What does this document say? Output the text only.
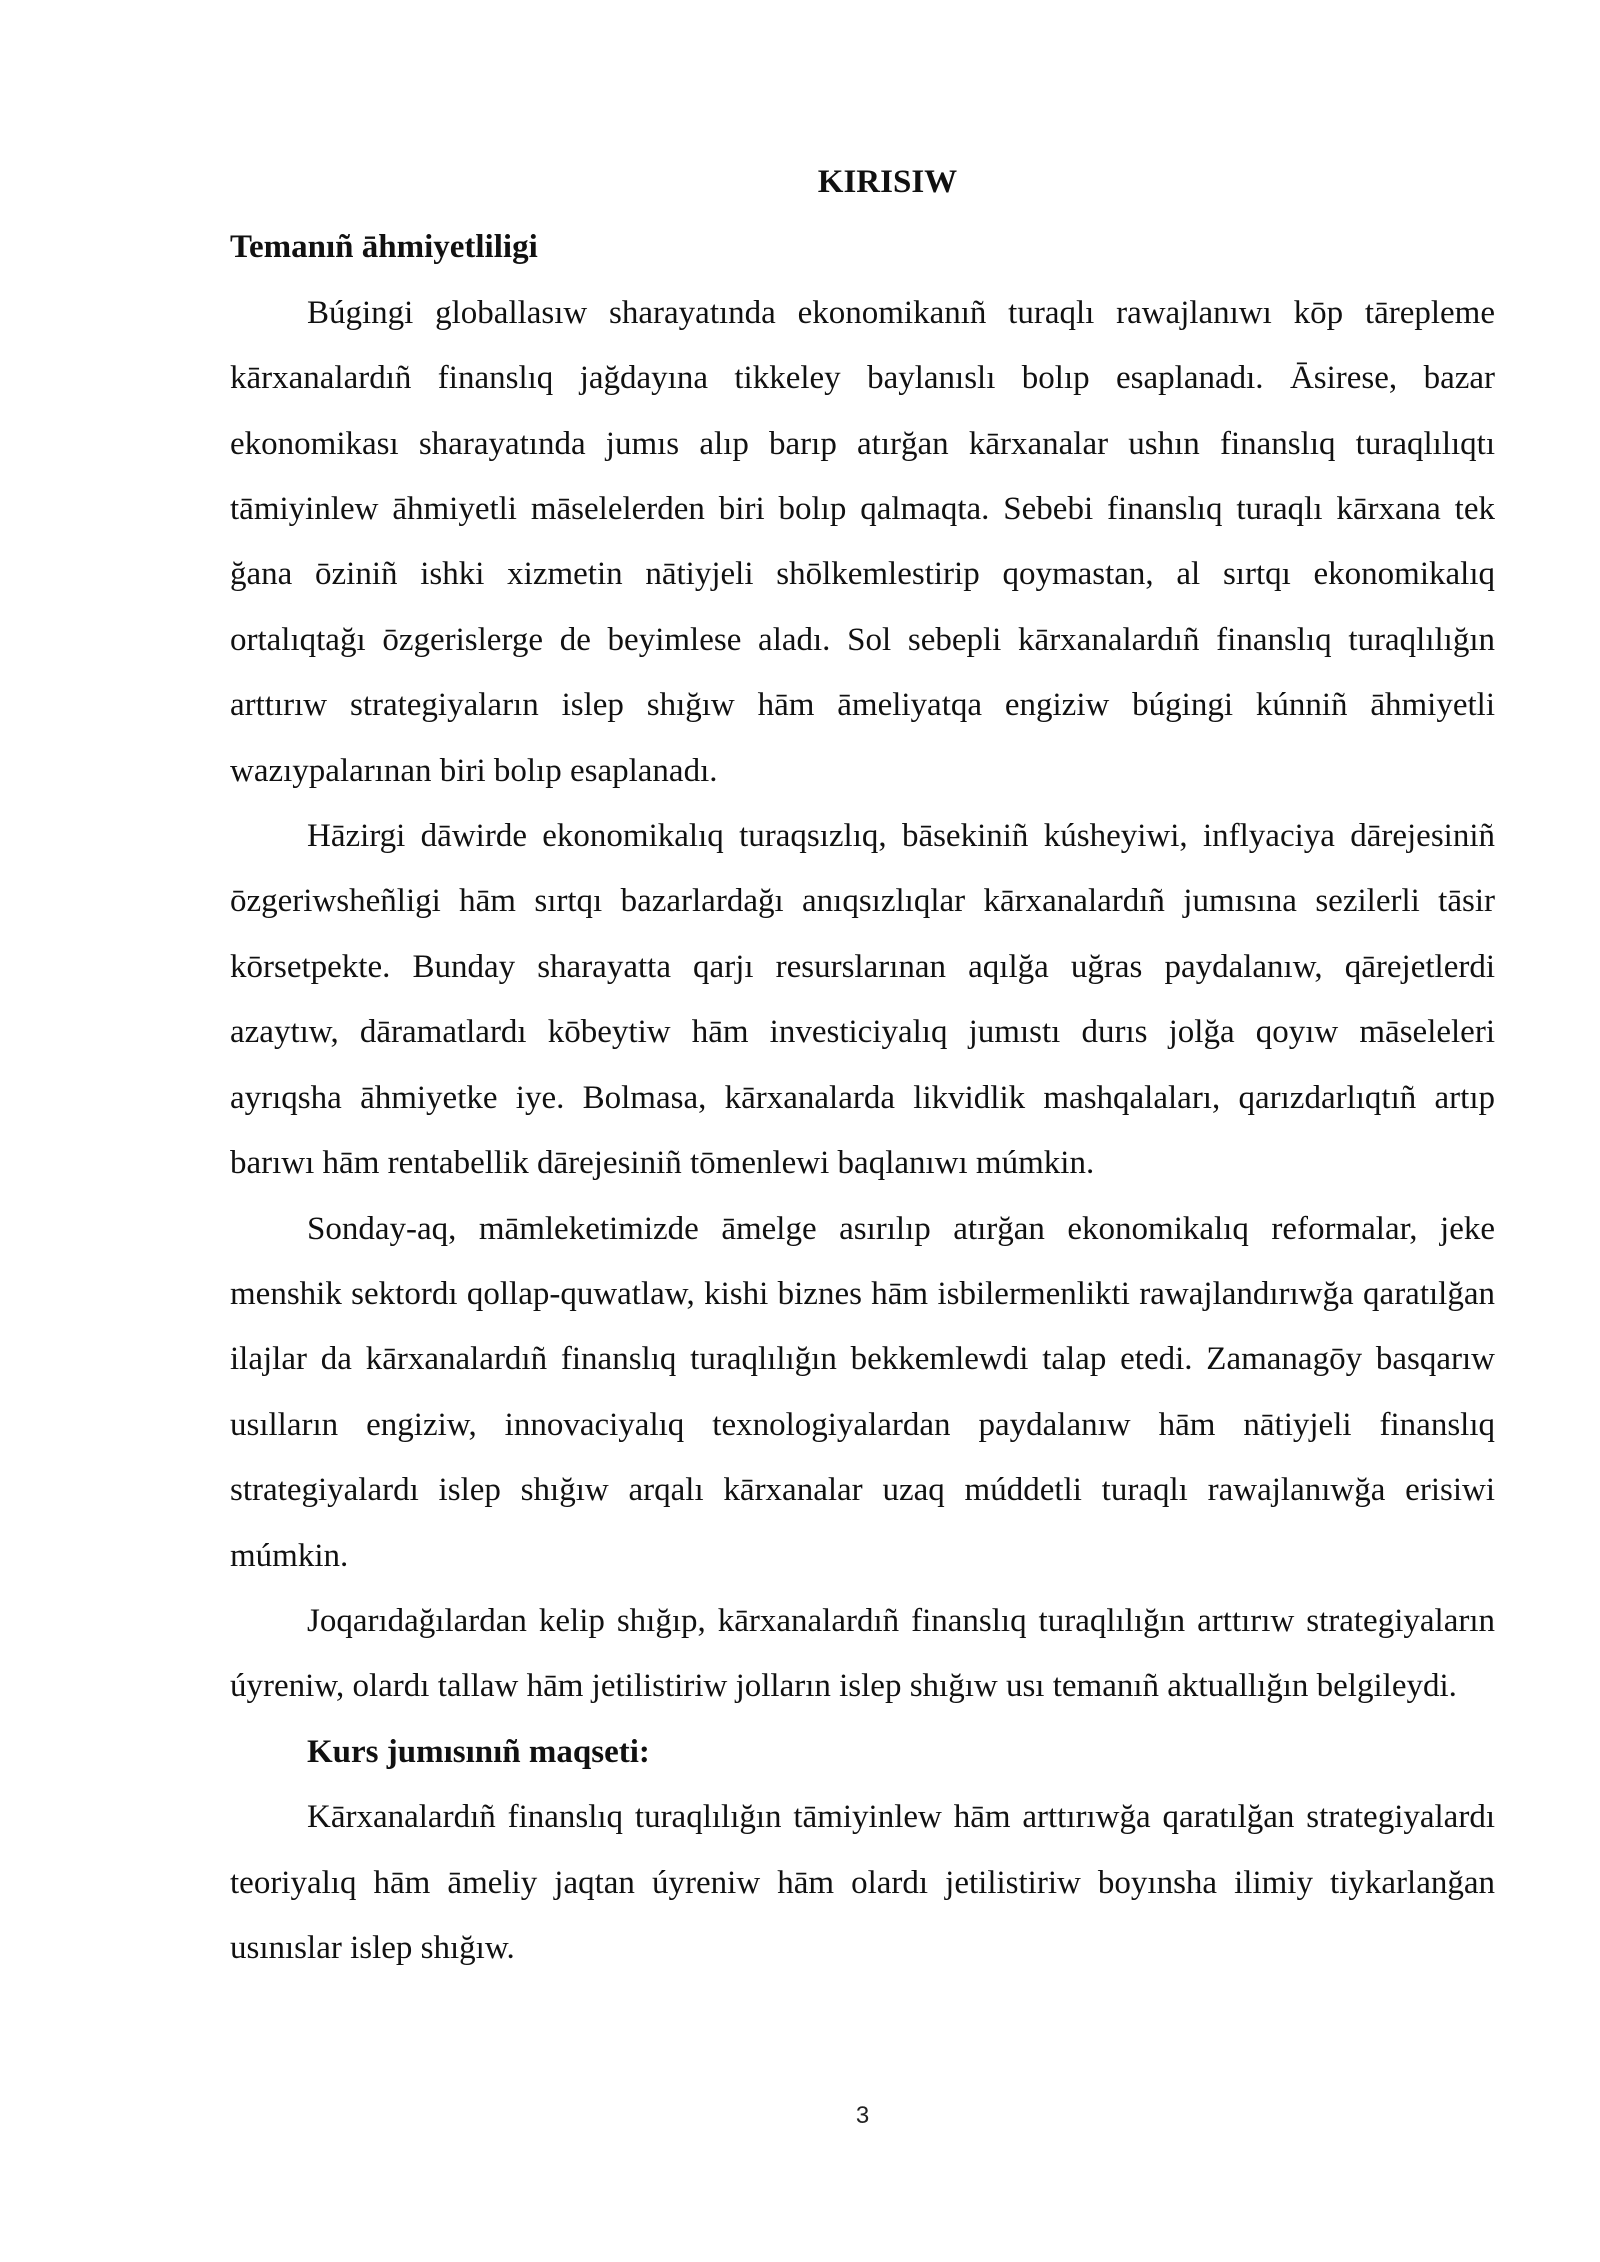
KIRISIW

Temanıñ āhmiyetliligi

Búgingi globallasıw sharayatında ekonomikanıñ turaqlı rawajlanıwı kōp tārepleme kārxanalardıñ finanslıq jağdayına tikkeley baylanıslı bolıp esaplanadı. Āsirese, bazar ekonomikası sharayatında jumıs alıp barıp atırğan kārxanalar ushın finanslıq turaqlılıqtı tāmiyinlew āhmiyetli māselelerden biri bolıp qalmaqta. Sebebi finanslıq turaqlı kārxana tek ğana ōziniñ ishki xizmetin nātiyjeli shōlkemlestirip qoymastan, al sırtqı ekonomikalıq ortalıqtağı ōzgerislerge de beyimlese aladı. Sol sebepli kārxanalardıñ finanslıq turaqlılığın arttırıw strategiyaların islep shığıw hām āmeliyatqa engiziw búgingi kúnniñ āhmiyetli wazıypalarınan biri bolıp esaplanadı.

Hāzirgi dāwirde ekonomikalıq turaqsızlıq, bāsekiniñ kúsheyiwi, inflyaciya dārejesiniñ ōzgeriwsheñligi hām sırtqı bazarlardağı anıqsızlıqlar kārxanalardıñ jumısına sezilerli tāsir kōrsetpekte. Bunday sharayatta qarjı resurslarınan aqılğa uğras paydalanıw, qārejetlerdi azaytıw, dāramatlardı kōbeytiw hām investiciyalıq jumıstı durıs jolğa qoyıw māseleleri ayrıqsha āhmiyetke iye. Bolmasa, kārxanalarda likvidlik mashqalaları, qarızdarlıqtıñ artıp barıwı hām rentabellik dārejesiniñ tōmenlewi baqlanıwı múmkin.

Sonday-aq, māmleketimizde āmelge asırılıp atırğan ekonomikalıq reformalar, jeke menshik sektordı qollap-quwatlaw, kishi biznes hām isbilermenlikti rawajlandırıwğa qaratılğan ilajlar da kārxanalardıñ finanslıq turaqlılığın bekkemlewdi talap etedi. Zamanagōy basqarıw usılların engiziw, innovaciyalıq texnologiyalardan paydalanıw hām nātiyjeli finanslıq strategiyalardı islep shığıw arqalı kārxanalar uzaq múddetli turaqlı rawajlanıwğa erisiwi múmkin.

Joqarıdağılardan kelip shığıp, kārxanalardıñ finanslıq turaqlılığın arttırıw strategiyaların úyreniw, olardı tallaw hām jetilistiriw jolların islep shığıw usı temanıñ aktuallığın belgileydi.

Kurs jumısınıñ maqseti:

Kārxanalardıñ finanslıq turaqlılığın tāmiyinlew hām arttırıwğa qaratılğan strategiyalardı teoriyalıq hām āmeliy jaqtan úyreniw hām olardı jetilistiriw boyınsha ilimiy tiykarlanğan usınıslar islep shığıw.

3
